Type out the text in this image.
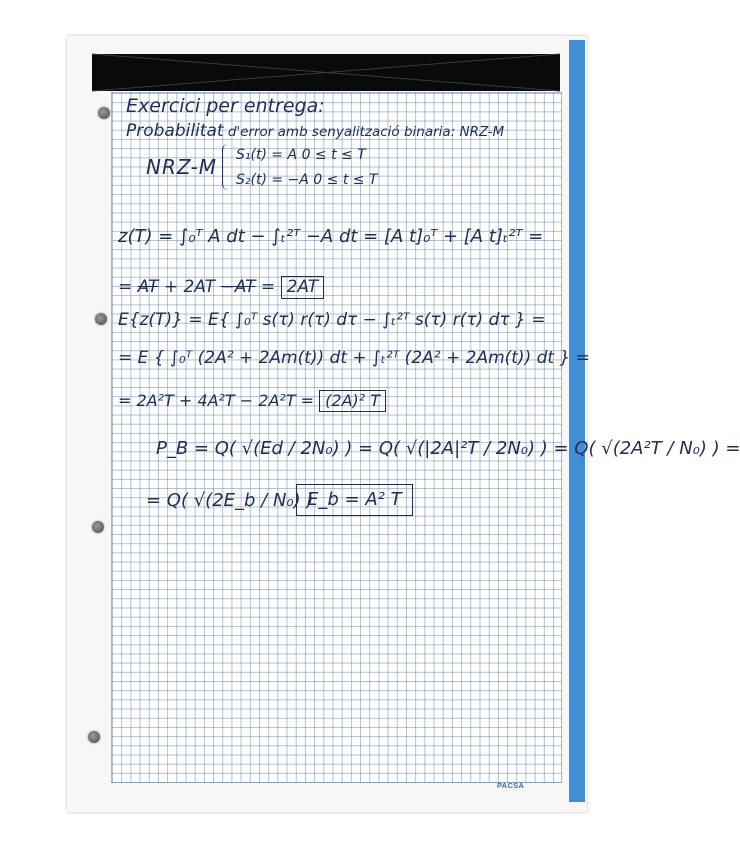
Exercici per entrega:
Probabilitat d'error amb senyalització binaria: NRZ-M
NRZ-M S₁(t) = A 0 ≤ t ≤ T
S₂(t) = −A 0 ≤ t ≤ T
z(T) = ∫₀ᵀ A dt − ∫ₜ²ᵀ −A dt = [A t]₀ᵀ + [A t]ₜ²ᵀ =
= AT + 2AT −AT = 2AT
E{z(T)} = E{ ∫₀ᵀ s(τ) r(τ) dτ − ∫ₜ²ᵀ s(τ) r(τ) dτ } =
= E { ∫₀ᵀ (2A² + 2Am(t)) dt + ∫ₜ²ᵀ (2A² + 2Am(t)) dt } =
= 2A²T + 4A²T − 2A²T = (2A)² T
P_B = Q( √(Ed / 2N₀) ) = Q( √(|2A|²T / 2N₀) ) = Q( √(2A²T / N₀) ) =
= Q( √(2E_b / N₀) )
E_b = A² T
PACSA
